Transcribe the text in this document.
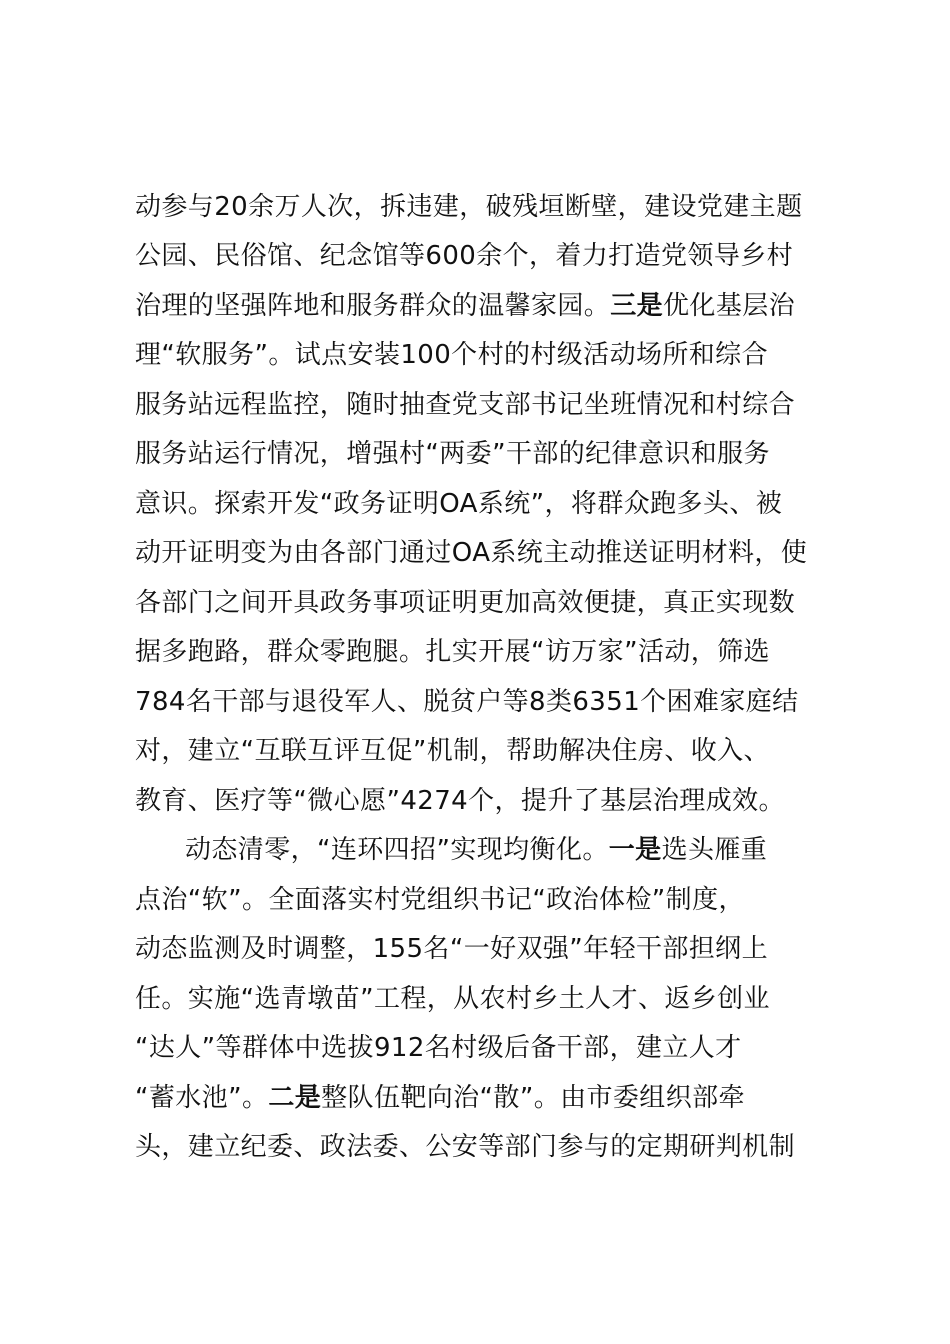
动参与20余万人次，拆违建，破残垣断壁，建设党建主题
公园、民俗馆、纪念馆等600余个，着力打造党领导乡村
治理的坚强阵地和服务群众的温馨家园。三是优化基层治
理“软服务”。试点安装100个村的村级活动场所和综合
服务站远程监控，随时抽查党支部书记坐班情况和村综合
服务站运行情况，增强村“两委”干部的纪律意识和服务
意识。探索开发“政务证明OA系统”，将群众跑多头、被
动开证明变为由各部门通过OA系统主动推送证明材料，使
各部门之间开具政务事项证明更加高效便捷，真正实现数
据多跑路，群众零跑腿。扎实开展“访万家”活动，筛选
784名干部与退役军人、脱贫户等8类6351个困难家庭结
对，建立“互联互评互促”机制，帮助解决住房、收入、
教育、医疗等“微心愿”4274个，提升了基层治理成效。
动态清零，“连环四招”实现均衡化。一是选头雁重
点治“软”。全面落实村党组织书记“政治体检”制度，
动态监测及时调整，155名“一好双强”年轻干部担纲上
任。实施“选青墩苗”工程，从农村乡土人才、返乡创业
“达人”等群体中选拔912名村级后备干部，建立人才
“蓄水池”。二是整队伍靶向治“散”。由市委组织部牵
头，建立纪委、政法委、公安等部门参与的定期研判机制
